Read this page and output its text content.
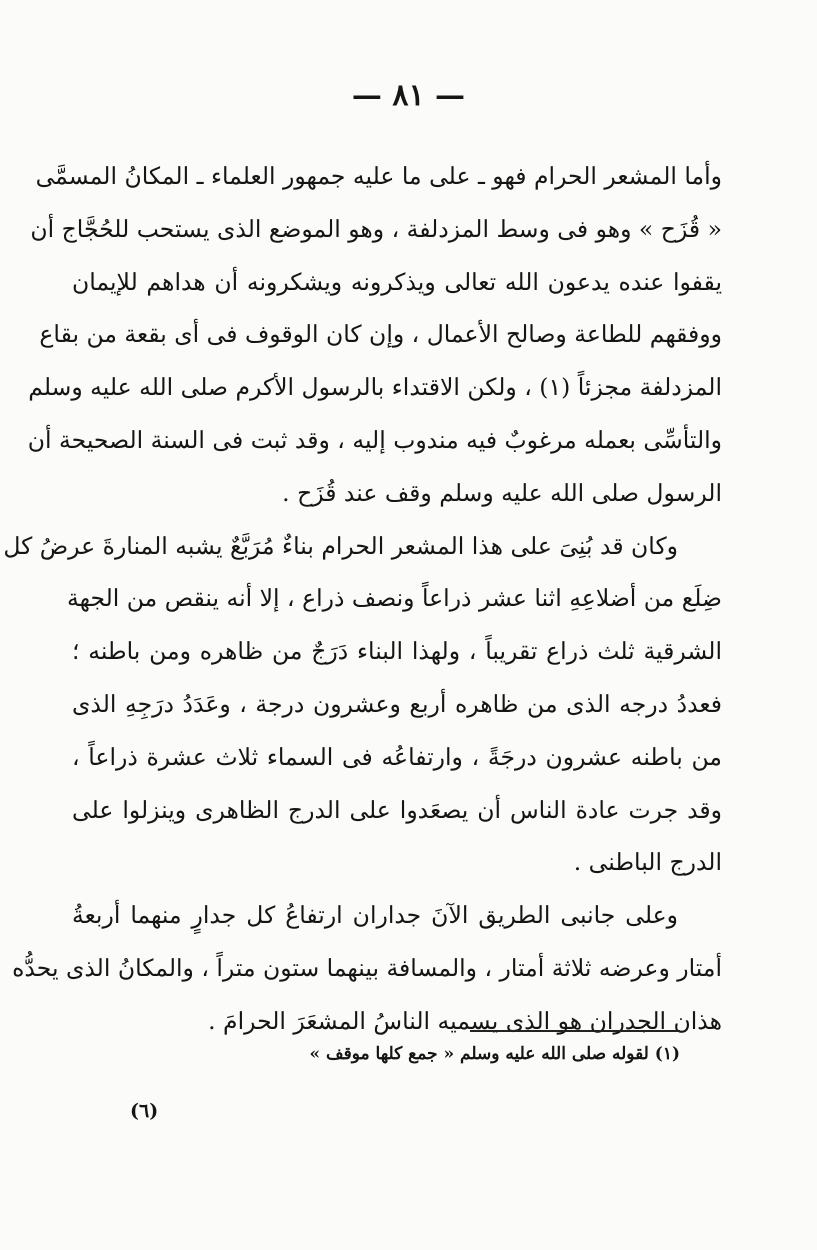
— ٨١ —
وأما المشعر الحرام فهو ـ على ما عليه جمهور العلماء ـ المكانُ المسمَّى
« قُزَح » وهو فى وسط المزدلفة ، وهو الموضع الذى يستحب للحُجَّاج أن
يقفوا عنده يدعون الله تعالى ويذكرونه ويشكرونه أن هداهم للإيمان
ووفقهم للطاعة وصالح الأعمال ، وإن كان الوقوف فى أى بقعة من بقاع
المزدلفة مجزئاً (١) ، ولكن الاقتداء بالرسول الأكرم صلى الله عليه وسلم
والتأسِّى بعمله مرغوبٌ فيه مندوب إليه ، وقد ثبت فى السنة الصحيحة أن
الرسول صلى الله عليه وسلم وقف عند قُزَح .
وكان قد بُنِىَ على هذا المشعر الحرام بناءٌ مُرَبَّعٌ يشبه المنارةَ عرضُ كل
ضِلَع من أضلاعِهِ اثنا عشر ذراعاً ونصف ذراع ، إلا أنه ينقص من الجهة
الشرقية ثلث ذراع تقريباً ، ولهذا البناء دَرَجٌ من ظاهره ومن باطنه ؛
فعددُ درجه الذى من ظاهره أربع وعشرون درجة ، وعَدَدُ درَجِهِ الذى
من باطنه عشرون درجَةً ، وارتفاعُه فى السماء ثلاث عشرة ذراعاً ،
وقد جرت عادة الناس أن يصعَدوا على الدرج الظاهرى وينزلوا على
الدرج الباطنى .
وعلى جانبى الطريق الآنَ جداران ارتفاعُ كل جدارٍ منهما أربعةُ
أمتار وعرضه ثلاثة أمتار ، والمسافة بينهما ستون متراً ، والمكانُ الذى يحدُّه
هذان الجدران هو الذى يسميه الناسُ المشعَرَ الحرامَ .
(١) لقوله صلى الله عليه وسلم « جمع كلها موقف »
(٦)
